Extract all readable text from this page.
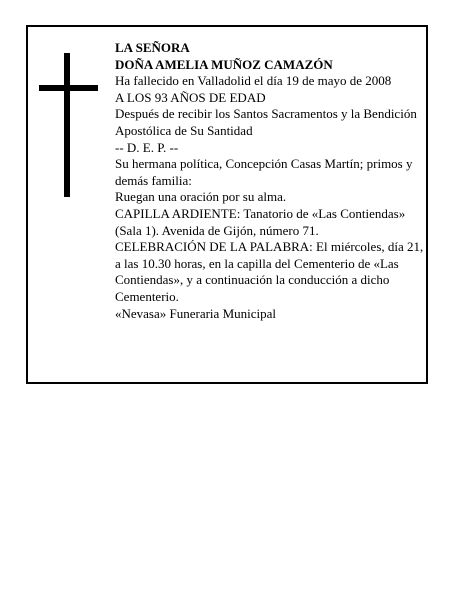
LA SEÑORA

DOÑA AMELIA MUÑOZ CAMAZÓN

Ha fallecido en Valladolid el día 19 de mayo de 2008

A LOS 93 AÑOS DE EDAD

Después de recibir los Santos Sacramentos y la Bendición Apostólica de Su Santidad

-- D. E. P. --

Su hermana política, Concepción Casas Martín; primos y demás familia:

Ruegan una oración por su alma.

CAPILLA ARDIENTE: Tanatorio de «Las Contiendas» (Sala 1). Avenida de Gijón, número 71.

CELEBRACIÓN DE LA PALABRA: El miércoles, día 21, a las 10.30 horas, en la capilla del Cementerio de «Las Contiendas», y a continuación la conducción a dicho Cementerio.

«Nevasa» Funeraria Municipal
